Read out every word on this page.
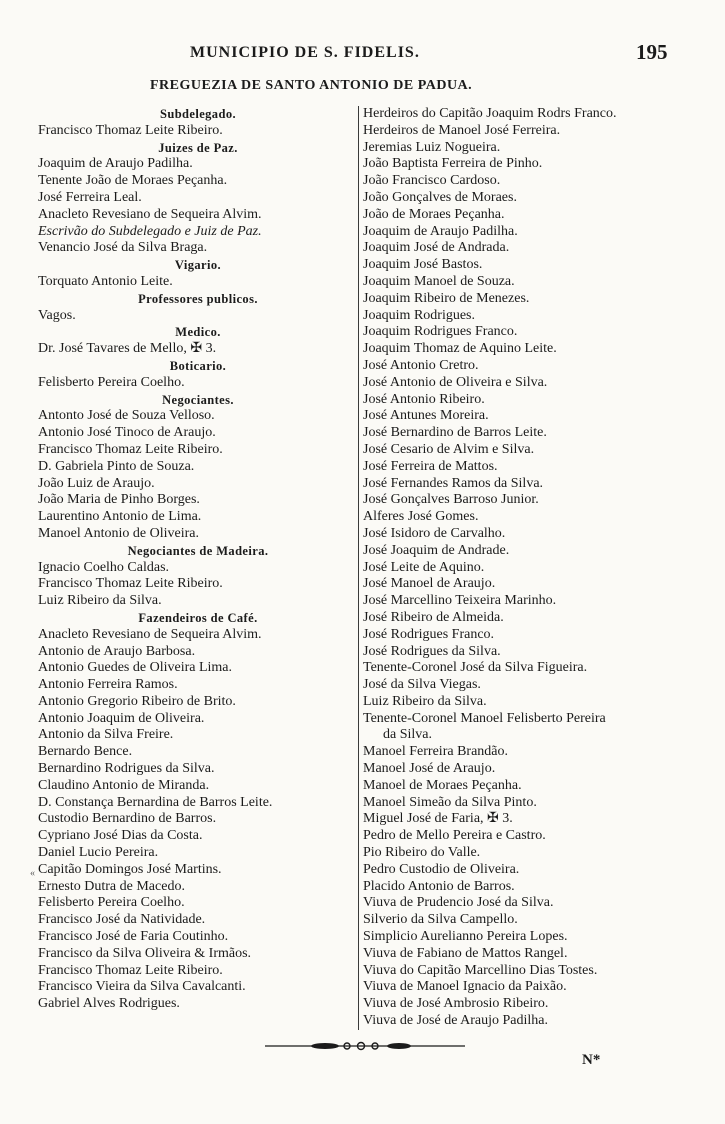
MUNICIPIO DE S. FIDELIS.	195
FREGUEZIA DE SANTO ANTONIO DE PADUA.
Subdelegado.
Francisco Thomaz Leite Ribeiro.
Juizes de Paz.
Joaquim de Araujo Padilha.
Tenente João de Moraes Peçanha.
José Ferreira Leal.
Anacleto Revesiano de Sequeira Alvim.
Escrivão do Subdelegado e Juiz de Paz.
Venancio José da Silva Braga.
Vigario.
Torquato Antonio Leite.
Professores publicos.
Vagos.
Medico.
Dr. José Tavares de Mello, ✠ 3.
Boticario.
Felisberto Pereira Coelho.
Negociantes.
Antonto José de Souza Velloso.
Antonio José Tinoco de Araujo.
Francisco Thomaz Leite Ribeiro.
D. Gabriela Pinto de Souza.
João Luiz de Araujo.
João Maria de Pinho Borges.
Laurentino Antonio de Lima.
Manoel Antonio de Oliveira.
Negociantes de Madeira.
Ignacio Coelho Caldas.
Francisco Thomaz Leite Ribeiro.
Luiz Ribeiro da Silva.
Fazendeiros de Café.
Anacleto Revesiano de Sequeira Alvim.
Antonio de Araujo Barbosa.
Antonio Guedes de Oliveira Lima.
Antonio Ferreira Ramos.
Antonio Gregorio Ribeiro de Brito.
Antonio Joaquim de Oliveira.
Antonio da Silva Freire.
Bernardo Bence.
Bernardino Rodrigues da Silva.
Claudino Antonio de Miranda.
D. Constança Bernardina de Barros Leite.
Custodio Bernardino de Barros.
Cypriano José Dias da Costa.
Daniel Lucio Pereira.
Capitão Domingos José Martins.
Ernesto Dutra de Macedo.
Felisberto Pereira Coelho.
Francisco José da Natividade.
Francisco José de Faria Coutinho.
Francisco da Silva Oliveira & Irmãos.
Francisco Thomaz Leite Ribeiro.
Francisco Vieira da Silva Cavalcanti.
Gabriel Alves Rodrigues.
Herdeiros do Capitão Joaquim Rodrs Franco.
Herdeiros de Manoel José Ferreira.
Jeremias Luiz Nogueira.
João Baptista Ferreira de Pinho.
João Francisco Cardoso.
João Gonçalves de Moraes.
João de Moraes Peçanha.
Joaquim de Araujo Padilha.
Joaquim José de Andrada.
Joaquim José Bastos.
Joaquim Manoel de Souza.
Joaquim Ribeiro de Menezes.
Joaquim Rodrigues.
Joaquim Rodrigues Franco.
Joaquim Thomaz de Aquino Leite.
José Antonio Cretro.
José Antonio de Oliveira e Silva.
José Antonio Ribeiro.
José Antunes Moreira.
José Bernardino de Barros Leite.
José Cesario de Alvim e Silva.
José Ferreira de Mattos.
José Fernandes Ramos da Silva.
José Gonçalves Barroso Junior.
Alferes José Gomes.
José Isidoro de Carvalho.
José Joaquim de Andrade.
José Leite de Aquino.
José Manoel de Araujo.
José Marcellino Teixeira Marinho.
José Ribeiro de Almeida.
José Rodrigues Franco.
José Rodrigues da Silva.
Tenente-Coronel José da Silva Figueira.
José da Silva Viegas.
Luiz Ribeiro da Silva.
Tenente-Coronel Manoel Felisberto Pereira
da Silva.
Manoel Ferreira Brandão.
Manoel José de Araujo.
Manoel de Moraes Peçanha.
Manoel Simeão da Silva Pinto.
Miguel José de Faria, ✠ 3.
Pedro de Mello Pereira e Castro.
Pio Ribeiro do Valle.
Pedro Custodio de Oliveira.
Placido Antonio de Barros.
Viuva de Prudencio José da Silva.
Silverio da Silva Campello.
Simplicio Aurelianno Pereira Lopes.
Viuva de Fabiano de Mattos Rangel.
Viuva do Capitão Marcellino Dias Tostes.
Viuva de Manoel Ignacio da Paixão.
Viuva de José Ambrosio Ribeiro.
Viuva de José de Araujo Padilha.
«
N*
